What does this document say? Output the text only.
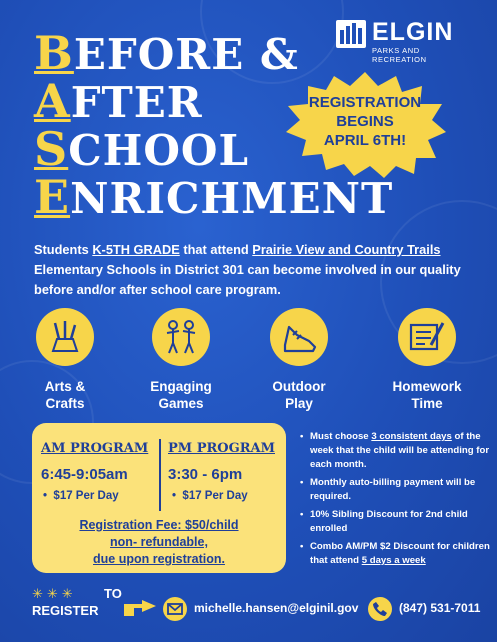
ELGIN
PARKS AND RECREATION
BEFORE &
AFTER
SCHOOL
ENRICHMENT
REGISTRATION
BEGINS
APRIL 6TH!
Students K-5TH GRADE that attend Prairie View and Country Trails Elementary Schools in District 301 can become involved in our quality before and/or after school care program.
Arts &
Crafts
Engaging
Games
Outdoor
Play
Homework
Time
AM PROGRAM
6:45-9:05am
•  $17 Per Day
PM PROGRAM
3:30 - 6pm
•  $17 Per Day
Registration Fee: $50/child
non- refundable,
due upon registration.
• Must choose 3 consistent days of the week that the child will be attending for each month.
• Monthly auto-billing payment will be required.
• 10% Sibling Discount for 2nd child enrolled
• Combo AM/PM $2 Discount for children that attend 5 days a week
✳✳✳ TO
REGISTER	michelle.hansen@elginil.gov	(847) 531-7011
